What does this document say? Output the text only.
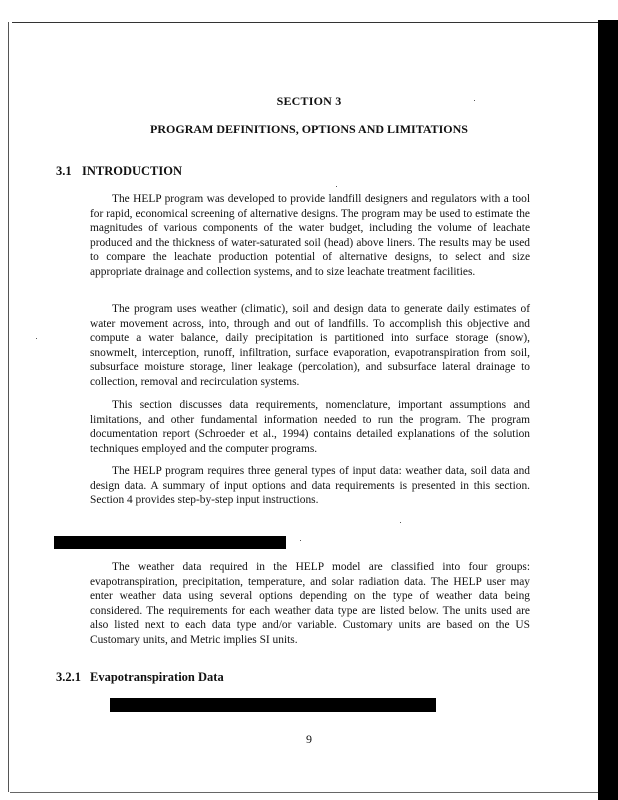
SECTION 3
PROGRAM DEFINITIONS, OPTIONS AND LIMITATIONS
3.1 INTRODUCTION

The HELP program was developed to provide landfill designers and regulators with a tool for rapid, economical screening of alternative designs. The program may be used to estimate the magnitudes of various components of the water budget, including the volume of leachate produced and the thickness of water-saturated soil (head) above liners. The results may be used to compare the leachate production potential of alternative designs, to select and size appropriate drainage and collection systems, and to size leachate treatment facilities.

The program uses weather (climatic), soil and design data to generate daily estimates of water movement across, into, through and out of landfills. To accomplish this objective and compute a water balance, daily precipitation is partitioned into surface storage (snow), snowmelt, interception, runoff, infiltration, surface evaporation, evapotranspiration from soil, subsurface moisture storage, liner leakage (percolation), and subsurface lateral drainage to collection, removal and recirculation systems.

This section discusses data requirements, nomenclature, important assumptions and limitations, and other fundamental information needed to run the program. The program documentation report (Schroeder et al., 1994) contains detailed explanations of the solution techniques employed and the computer programs.

The HELP program requires three general types of input data: weather data, soil data and design data. A summary of input options and data requirements is presented in this section. Section 4 provides step-by-step input instructions.

The weather data required in the HELP model are classified into four groups: evapotranspiration, precipitation, temperature, and solar radiation data. The HELP user may enter weather data using several options depending on the type of weather data being considered. The requirements for each weather data type are listed below. The units used are also listed next to each data type and/or variable. Customary units are based on the US Customary units, and Metric implies SI units.

3.2.1 Evapotranspiration Data
9
